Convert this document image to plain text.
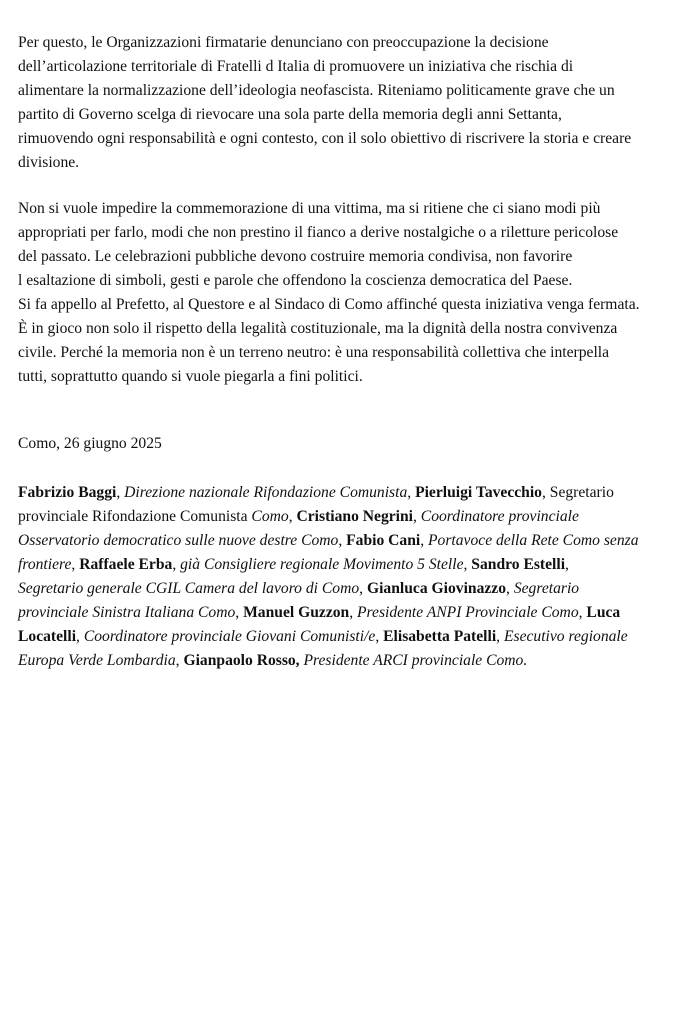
Per questo, le Organizzazioni firmatarie denunciano con preoccupazione la decisione
dell’articolazione territoriale di Fratelli d Italia di promuovere un iniziativa che rischia di
alimentare la normalizzazione dell’ideologia neofascista. Riteniamo politicamente grave che un
partito di Governo scelga di rievocare una sola parte della memoria degli anni Settanta,
rimuovendo ogni responsabilità e ogni contesto, con il solo obiettivo di riscrivere la storia e creare
divisione.

Non si vuole impedire la commemorazione di una vittima, ma si ritiene che ci siano modi più
appropriati per farlo, modi che non prestino il fianco a derive nostalgiche o a riletture pericolose
del passato. Le celebrazioni pubbliche devono costruire memoria condivisa, non favorire
l esaltazione di simboli, gesti e parole che offendono la coscienza democratica del Paese.
Si fa appello al Prefetto, al Questore e al Sindaco di Como affinché questa iniziativa venga fermata.
È in gioco non solo il rispetto della legalità costituzionale, ma la dignità della nostra convivenza
civile. Perché la memoria non è un terreno neutro: è una responsabilità collettiva che interpella
tutti, soprattutto quando si vuole piegarla a fini politici.

Como, 26 giugno 2025

Fabrizio Baggi, Direzione nazionale Rifondazione Comunista, Pierluigi Tavecchio, Segretario
provinciale Rifondazione Comunista Como, Cristiano Negrini, Coordinatore provinciale
Osservatorio democratico sulle nuove destre Como, Fabio Cani, Portavoce della Rete Como senza
frontiere, Raffaele Erba, già Consigliere regionale Movimento 5 Stelle, Sandro Estelli,
Segretario generale CGIL Camera del lavoro di Como, Gianluca Giovinazzo, Segretario
provinciale Sinistra Italiana Como, Manuel Guzzon, Presidente ANPI Provinciale Como, Luca
Locatelli, Coordinatore provinciale Giovani Comunisti/e, Elisabetta Patelli, Esecutivo regionale
Europa Verde Lombardia, Gianpaolo Rosso, Presidente ARCI provinciale Como.
